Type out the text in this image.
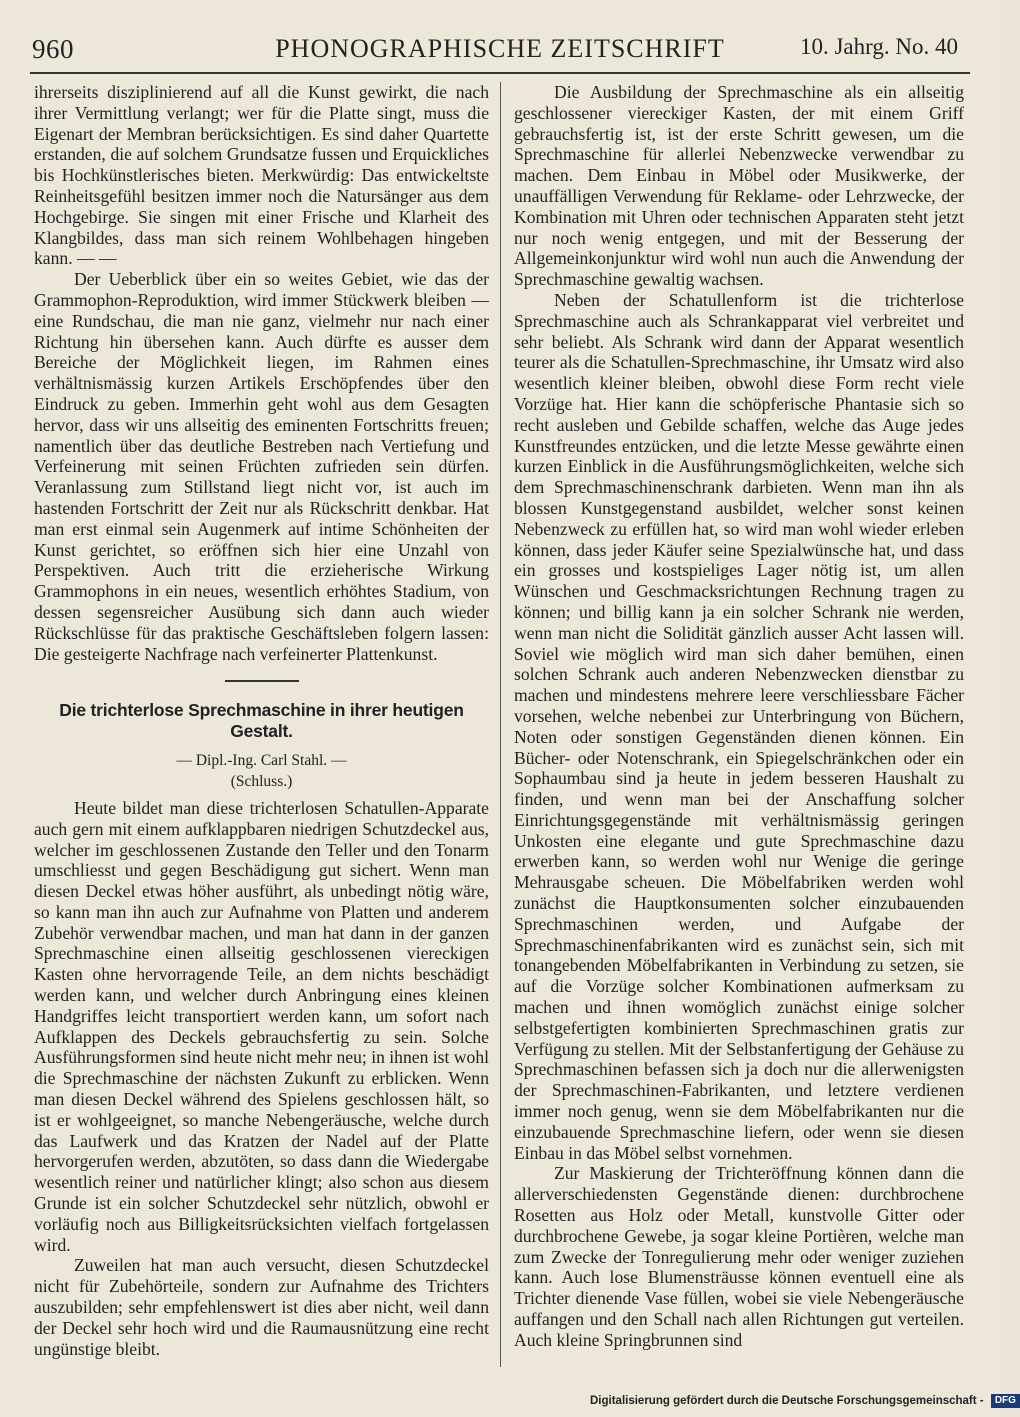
960	PHONOGRAPHISCHE ZEITSCHRIFT	10. Jahrg. No. 40

ihrerseits disziplinierend auf all die Kunst gewirkt, die nach ihrer Vermittlung verlangt; wer für die Platte singt, muss die Eigenart der Membran berücksichtigen. Es sind daher Quartette erstanden, die auf solchem Grundsatze fussen und Erquickliches bis Hochkünstlerisches bieten. Merkwürdig: Das entwickeltste Reinheitsgefühl besitzen immer noch die Natursänger aus dem Hochgebirge. Sie singen mit einer Frische und Klarheit des Klangbildes, dass man sich reinem Wohlbehagen hingeben kann. — —

Der Ueberblick über ein so weites Gebiet, wie das der Grammophon-Reproduktion, wird immer Stückwerk bleiben — eine Rundschau, die man nie ganz, vielmehr nur nach einer Richtung hin übersehen kann. Auch dürfte es ausser dem Bereiche der Möglichkeit liegen, im Rahmen eines verhältnismässig kurzen Artikels Erschöpfendes über den Eindruck zu geben. Immerhin geht wohl aus dem Gesagten hervor, dass wir uns allseitig des eminenten Fortschritts freuen; namentlich über das deutliche Bestreben nach Vertiefung und Verfeinerung mit seinen Früchten zufrieden sein dürfen. Veranlassung zum Stillstand liegt nicht vor, ist auch im hastenden Fortschritt der Zeit nur als Rückschritt denkbar. Hat man erst einmal sein Augenmerk auf intime Schönheiten der Kunst gerichtet, so eröffnen sich hier eine Unzahl von Perspektiven. Auch tritt die erzieherische Wirkung Grammophons in ein neues, wesentlich erhöhtes Stadium, von dessen segensreicher Ausübung sich dann auch wieder Rückschlüsse für das praktische Geschäftsleben folgern lassen: Die gesteigerte Nachfrage nach verfeinerter Plattenkunst.

Die trichterlose Sprechmaschine in ihrer heutigen Gestalt.
— Dipl.-Ing. Carl Stahl. —
(Schluss.)

Heute bildet man diese trichterlosen Schatullen-Apparate auch gern mit einem aufklappbaren niedrigen Schutzdeckel aus, welcher im geschlossenen Zustande den Teller und den Tonarm umschliesst und gegen Beschädigung gut sichert. Wenn man diesen Deckel etwas höher ausführt, als unbedingt nötig wäre, so kann man ihn auch zur Aufnahme von Platten und anderem Zubehör verwendbar machen, und man hat dann in der ganzen Sprechmaschine einen allseitig geschlossenen viereckigen Kasten ohne hervorragende Teile, an dem nichts beschädigt werden kann, und welcher durch Anbringung eines kleinen Handgriffes leicht transportiert werden kann, um sofort nach Aufklappen des Deckels gebrauchsfertig zu sein. Solche Ausführungsformen sind heute nicht mehr neu; in ihnen ist wohl die Sprechmaschine der nächsten Zukunft zu erblicken. Wenn man diesen Deckel während des Spielens geschlossen hält, so ist er wohlgeeignet, so manche Nebengeräusche, welche durch das Laufwerk und das Kratzen der Nadel auf der Platte hervorgerufen werden, abzutöten, so dass dann die Wiedergabe wesentlich reiner und natürlicher klingt; also schon aus diesem Grunde ist ein solcher Schutzdeckel sehr nützlich, obwohl er vorläufig noch aus Billigkeitsrücksichten vielfach fortgelassen wird.

Zuweilen hat man auch versucht, diesen Schutzdeckel nicht für Zubehörteile, sondern zur Aufnahme des Trichters auszubilden; sehr empfehlenswert ist dies aber nicht, weil dann der Deckel sehr hoch wird und die Raumausnützung eine recht ungünstige bleibt.

Die Ausbildung der Sprechmaschine als ein allseitig geschlossener viereckiger Kasten, der mit einem Griff gebrauchsfertig ist, ist der erste Schritt gewesen, um die Sprechmaschine für allerlei Nebenzwecke verwendbar zu machen. Dem Einbau in Möbel oder Musikwerke, der unauffälligen Verwendung für Reklame- oder Lehrzwecke, der Kombination mit Uhren oder technischen Apparaten steht jetzt nur noch wenig entgegen, und mit der Besserung der Allgemeinkonjunktur wird wohl nun auch die Anwendung der Sprechmaschine gewaltig wachsen.

Neben der Schatullenform ist die trichterlose Sprechmaschine auch als Schrankapparat viel verbreitet und sehr beliebt. Als Schrank wird dann der Apparat wesentlich teurer als die Schatullen-Sprechmaschine, ihr Umsatz wird also wesentlich kleiner bleiben, obwohl diese Form recht viele Vorzüge hat. Hier kann die schöpferische Phantasie sich so recht ausleben und Gebilde schaffen, welche das Auge jedes Kunstfreundes entzücken, und die letzte Messe gewährte einen kurzen Einblick in die Ausführungsmöglichkeiten, welche sich dem Sprechmaschinenschrank darbieten. Wenn man ihn als blossen Kunstgegenstand ausbildet, welcher sonst keinen Nebenzweck zu erfüllen hat, so wird man wohl wieder erleben können, dass jeder Käufer seine Spezialwünsche hat, und dass ein grosses und kostspieliges Lager nötig ist, um allen Wünschen und Geschmacksrichtungen Rechnung tragen zu können; und billig kann ja ein solcher Schrank nie werden, wenn man nicht die Solidität gänzlich ausser Acht lassen will. Soviel wie möglich wird man sich daher bemühen, einen solchen Schrank auch anderen Nebenzwecken dienstbar zu machen und mindestens mehrere leere verschliessbare Fächer vorsehen, welche nebenbei zur Unterbringung von Büchern, Noten oder sonstigen Gegenständen dienen können. Ein Bücher- oder Notenschrank, ein Spiegelschränkchen oder ein Sophaumbau sind ja heute in jedem besseren Haushalt zu finden, und wenn man bei der Anschaffung solcher Einrichtungsgegenstände mit verhältnismässig geringen Unkosten eine elegante und gute Sprechmaschine dazu erwerben kann, so werden wohl nur Wenige die geringe Mehrausgabe scheuen. Die Möbelfabriken werden wohl zunächst die Hauptkonsumenten solcher einzubauenden Sprechmaschinen werden, und Aufgabe der Sprechmaschinenfabrikanten wird es zunächst sein, sich mit tonangebenden Möbelfabrikanten in Verbindung zu setzen, sie auf die Vorzüge solcher Kombinationen aufmerksam zu machen und ihnen womöglich zunächst einige solcher selbstgefertigten kombinierten Sprechmaschinen gratis zur Verfügung zu stellen. Mit der Selbstanfertigung der Gehäuse zu Sprechmaschinen befassen sich ja doch nur die allerwenigsten der Sprechmaschinen-Fabrikanten, und letztere verdienen immer noch genug, wenn sie dem Möbelfabrikanten nur die einzubauende Sprechmaschine liefern, oder wenn sie diesen Einbau in das Möbel selbst vornehmen.

Zur Maskierung der Trichteröffnung können dann die allerverschiedensten Gegenstände dienen: durchbrochene Rosetten aus Holz oder Metall, kunstvolle Gitter oder durchbrochene Gewebe, ja sogar kleine Portièren, welche man zum Zwecke der Tonregulierung mehr oder weniger zuziehen kann. Auch lose Blumensträusse können eventuell eine als Trichter dienende Vase füllen, wobei sie viele Nebengeräusche auffangen und den Schall nach allen Richtungen gut verteilen. Auch kleine Springbrunnen sind

Digitalisierung gefördert durch die Deutsche Forschungsgemeinschaft - DFG
